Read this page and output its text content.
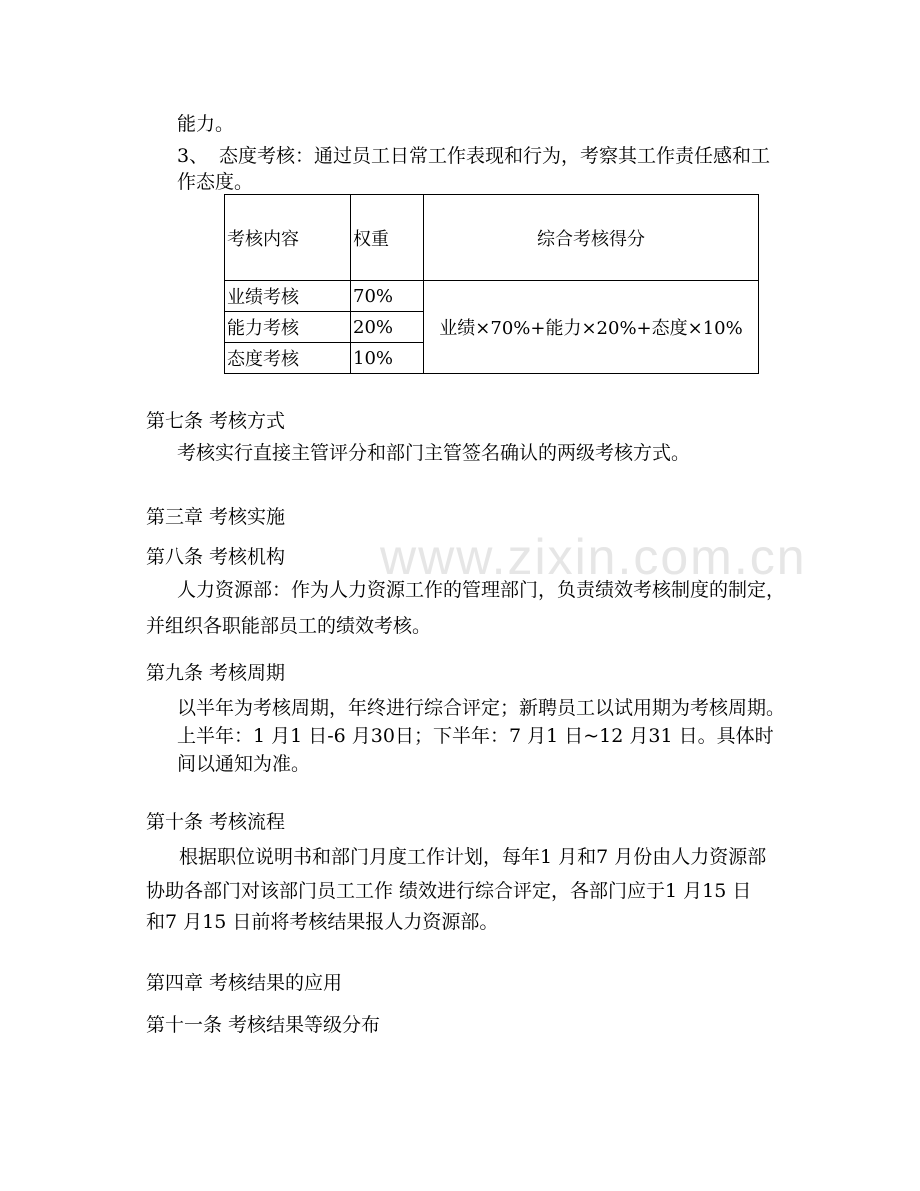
www.zixin.com.cn
能力。
3、 态度考核：通过员工日常工作表现和行为，考察其工作责任感和工
作态度。
考核内容	权重	综合考核得分
业绩考核	70%	业绩×70%+能力×20%+态度×10%
能力考核	20%	
态度考核	10%	
第七条 考核方式
考核实行直接主管评分和部门主管签名确认的两级考核方式。
第三章 考核实施
第八条 考核机构
人力资源部：作为人力资源工作的管理部门，负责绩效考核制度的制定，
并组织各职能部员工的绩效考核。
第九条 考核周期
以半年为考核周期，年终进行综合评定；新聘员工以试用期为考核周期。
上半年：1 月1 日-6 月30日；下半年：7 月1 日~12 月31 日。具体时
间以通知为准。
第十条 考核流程
根据职位说明书和部门月度工作计划，每年1 月和7 月份由人力资源部
协助各部门对该部门员工工作 绩效进行综合评定，各部门应于1 月15 日
和7 月15 日前将考核结果报人力资源部。
第四章 考核结果的应用
第十一条 考核结果等级分布
